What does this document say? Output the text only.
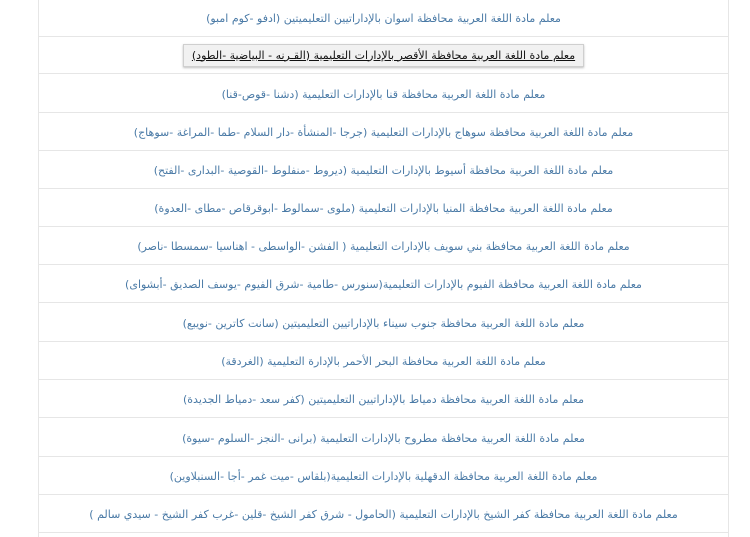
معلم مادة اللغة العربية محافظة اسوان بالإداراتيين التعليميتين (ادفو -كوم امبو)
معلم مادة اللغة العربية محافظة الأقصر بالإدارات التعليمية (القـرنه - البياضية -الطود)
معلم مادة اللغة العربية محافظة قنا بالإدارات التعليمية (دشنا -قوص-قنا)
معلم مادة اللغة العربية محافظة سوهاج بالإدارات التعليمية (جرجا -المنشأة -دار السلام -طما -المراغة -سوهاج)
معلم مادة اللغة العربية محافظة أسيوط بالإدارات التعليمية (ديروط -منفلوط -القوصية -البدارى -الفتح)
معلم مادة اللغة العربية محافظة المنيا بالإدارات التعليمية (ملوى -سمالوط -ابوقرقاص -مطاى -العدوة)
معلم مادة اللغة العربية محافظة بني سويف بالإدارات التعليمية ( الفشن -الواسطى - اهناسيا -سمسطا -ناصر)
معلم مادة اللغة العربية محافظة الفيوم بالإدارات التعليمية(سنورس -طامية -شرق الفيوم -يوسف الصديق -أبشواى)
معلم مادة اللغة العربية محافظة جنوب سيناء بالإداراتيين التعليميتين (سانت كاترين -نويبع)
معلم مادة اللغة العربية محافظة البحر الأحمر بالإدارة التعليمية (الغردقة)
معلم مادة اللغة العربية محافظة دمياط بالإداراتيين التعليميتين (كفر سعد -دمياط الجديدة)
معلم مادة اللغة العربية محافظة مطروح بالإدارات التعليمية (برانى -النجز -السلوم -سيوة)
معلم مادة اللغة العربية محافظة الدقهلية بالإدارات التعليمية(بلقاس -ميت غمر -أجا -السنبلاوين)
معلم مادة اللغة العربية محافظة كفر الشيخ بالإدارات التعليمية (الحامول - شرق كفر الشيخ -قلين -غرب كفر الشيخ - سيدي سالم )
